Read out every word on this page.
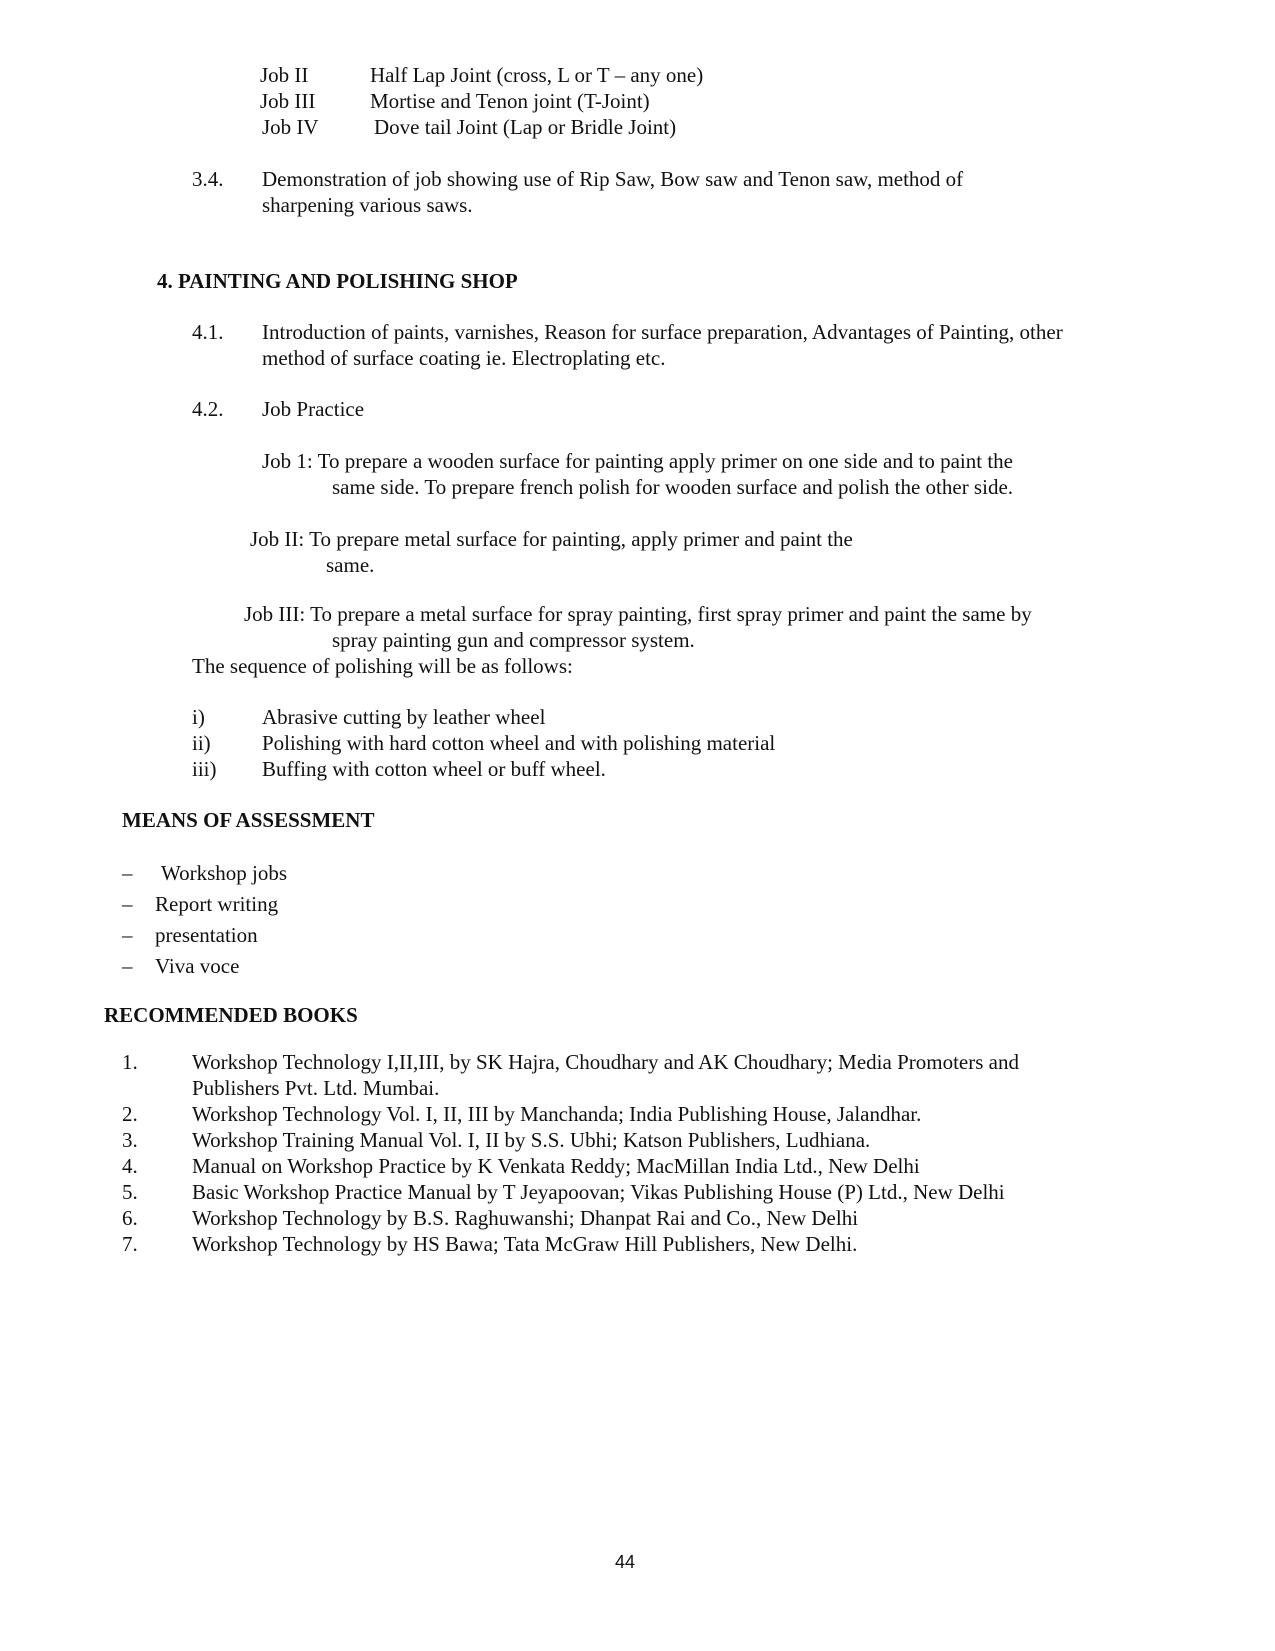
Job II	Half Lap Joint (cross, L or T – any one)
Job III	Mortise and Tenon joint (T-Joint)
Job IV	Dove tail Joint (Lap or Bridle Joint)
3.4. Demonstration of job showing use of Rip Saw, Bow saw and Tenon saw, method of
sharpening various saws.
4. PAINTING AND POLISHING SHOP
4.1. Introduction of paints, varnishes, Reason for surface preparation, Advantages of Painting, other
method of surface coating ie. Electroplating etc.
4.2. Job Practice
Job 1: To prepare a wooden surface for painting apply primer on one side and to paint the
same side. To prepare french polish for wooden surface and polish the other side.
Job II: To prepare metal surface for painting, apply primer and paint the
same.
Job III: To prepare a metal surface for spray painting, first spray primer and paint the same by
spray painting gun and compressor system.
The sequence of polishing will be as follows:
i)	Abrasive cutting by leather wheel
ii) Polishing with hard cotton wheel and with polishing material
iii) Buffing with cotton wheel or buff wheel.
MEANS OF ASSESSMENT
– Workshop jobs
– Report writing
– presentation
– Viva voce
RECOMMENDED BOOKS
1.	Workshop Technology I,II,III, by SK Hajra, Choudhary and AK Choudhary; Media Promoters and
Publishers Pvt. Ltd. Mumbai.
2.	Workshop Technology Vol. I, II, III by Manchanda; India Publishing House, Jalandhar.
3.	Workshop Training Manual Vol. I, II by S.S. Ubhi; Katson Publishers, Ludhiana.
4.	Manual on Workshop Practice by K Venkata Reddy; MacMillan India Ltd., New Delhi
5.	Basic Workshop Practice Manual by T Jeyapoovan; Vikas Publishing House (P) Ltd., New Delhi
6.	Workshop Technology by B.S. Raghuwanshi; Dhanpat Rai and Co., New Delhi
7.	Workshop Technology by HS Bawa; Tata McGraw Hill Publishers, New Delhi.
44
